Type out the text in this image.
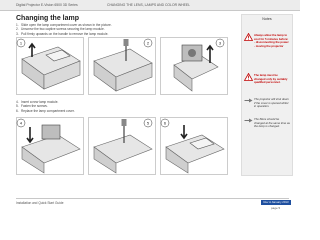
Digital Projector E-Vision 6500 3D Series	CHANGING THE LENS, LAMPS AND COLOR WHEEL
Changing the lamp
1. Slide open the lamp compartment cover as shown in the picture.
2. Unscrew the two captive screws securing the lamp module.
3. Pull firmly upwards on the handle to remove the lamp module.
1	2	3
4. Insert a new lamp module.
5. Fasten the screws.
6. Replace the lamp compartment cover.
4	5	6
Notes
Always allow the lamp to cool for 5 minutes before:
- disconnecting the power
- moving the projector
The lamp must be changed only by suitably qualified personnel.
The projector will shut down if the cover is opened whilst in operation.
The filters should be changed at the same time as the lamp is changed.
Installation and Quick Start Guide	Rev A January 2013
page 5
